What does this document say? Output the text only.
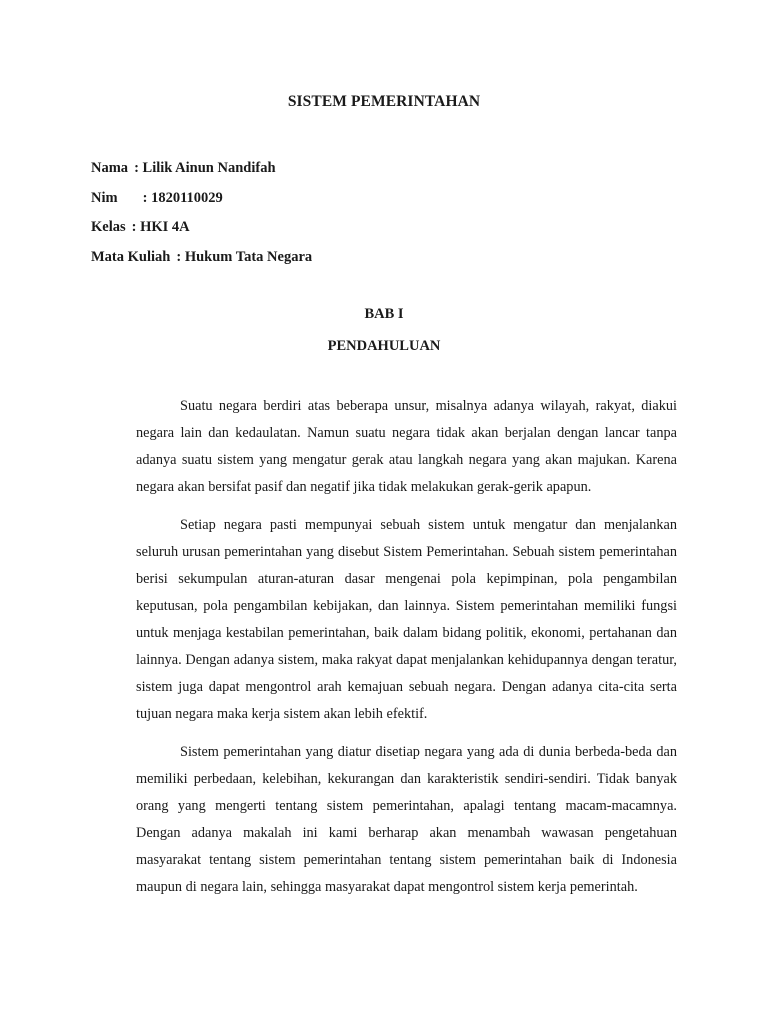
SISTEM PEMERINTAHAN
Nama : Lilik Ainun Nandifah
Nim : 1820110029
Kelas : HKI 4A
Mata Kuliah : Hukum Tata Negara
BAB I
PENDAHULUAN

Suatu negara berdiri atas beberapa unsur, misalnya adanya wilayah, rakyat, diakui negara lain dan kedaulatan. Namun suatu negara tidak akan berjalan dengan lancar tanpa adanya suatu sistem yang mengatur gerak atau langkah negara yang akan majukan. Karena negara akan bersifat pasif dan negatif jika tidak melakukan gerak-gerik apapun.

Setiap negara pasti mempunyai sebuah sistem untuk mengatur dan menjalankan seluruh urusan pemerintahan yang disebut Sistem Pemerintahan. Sebuah sistem pemerintahan berisi sekumpulan aturan-aturan dasar mengenai pola kepimpinan, pola pengambilan keputusan, pola pengambilan kebijakan, dan lainnya. Sistem pemerintahan memiliki fungsi untuk menjaga kestabilan pemerintahan, baik dalam bidang politik, ekonomi, pertahanan dan lainnya. Dengan adanya sistem, maka rakyat dapat menjalankan kehidupannya dengan teratur, sistem juga dapat mengontrol arah kemajuan sebuah negara. Dengan adanya cita-cita serta tujuan negara maka kerja sistem akan lebih efektif.

Sistem pemerintahan yang diatur disetiap negara yang ada di dunia berbeda-beda dan memiliki perbedaan, kelebihan, kekurangan dan karakteristik sendiri-sendiri. Tidak banyak orang yang mengerti tentang sistem pemerintahan, apalagi tentang macam-macamnya. Dengan adanya makalah ini kami berharap akan menambah wawasan pengetahuan masyarakat tentang sistem pemerintahan tentang sistem pemerintahan baik di Indonesia maupun di negara lain, sehingga masyarakat dapat mengontrol sistem kerja pemerintah.
